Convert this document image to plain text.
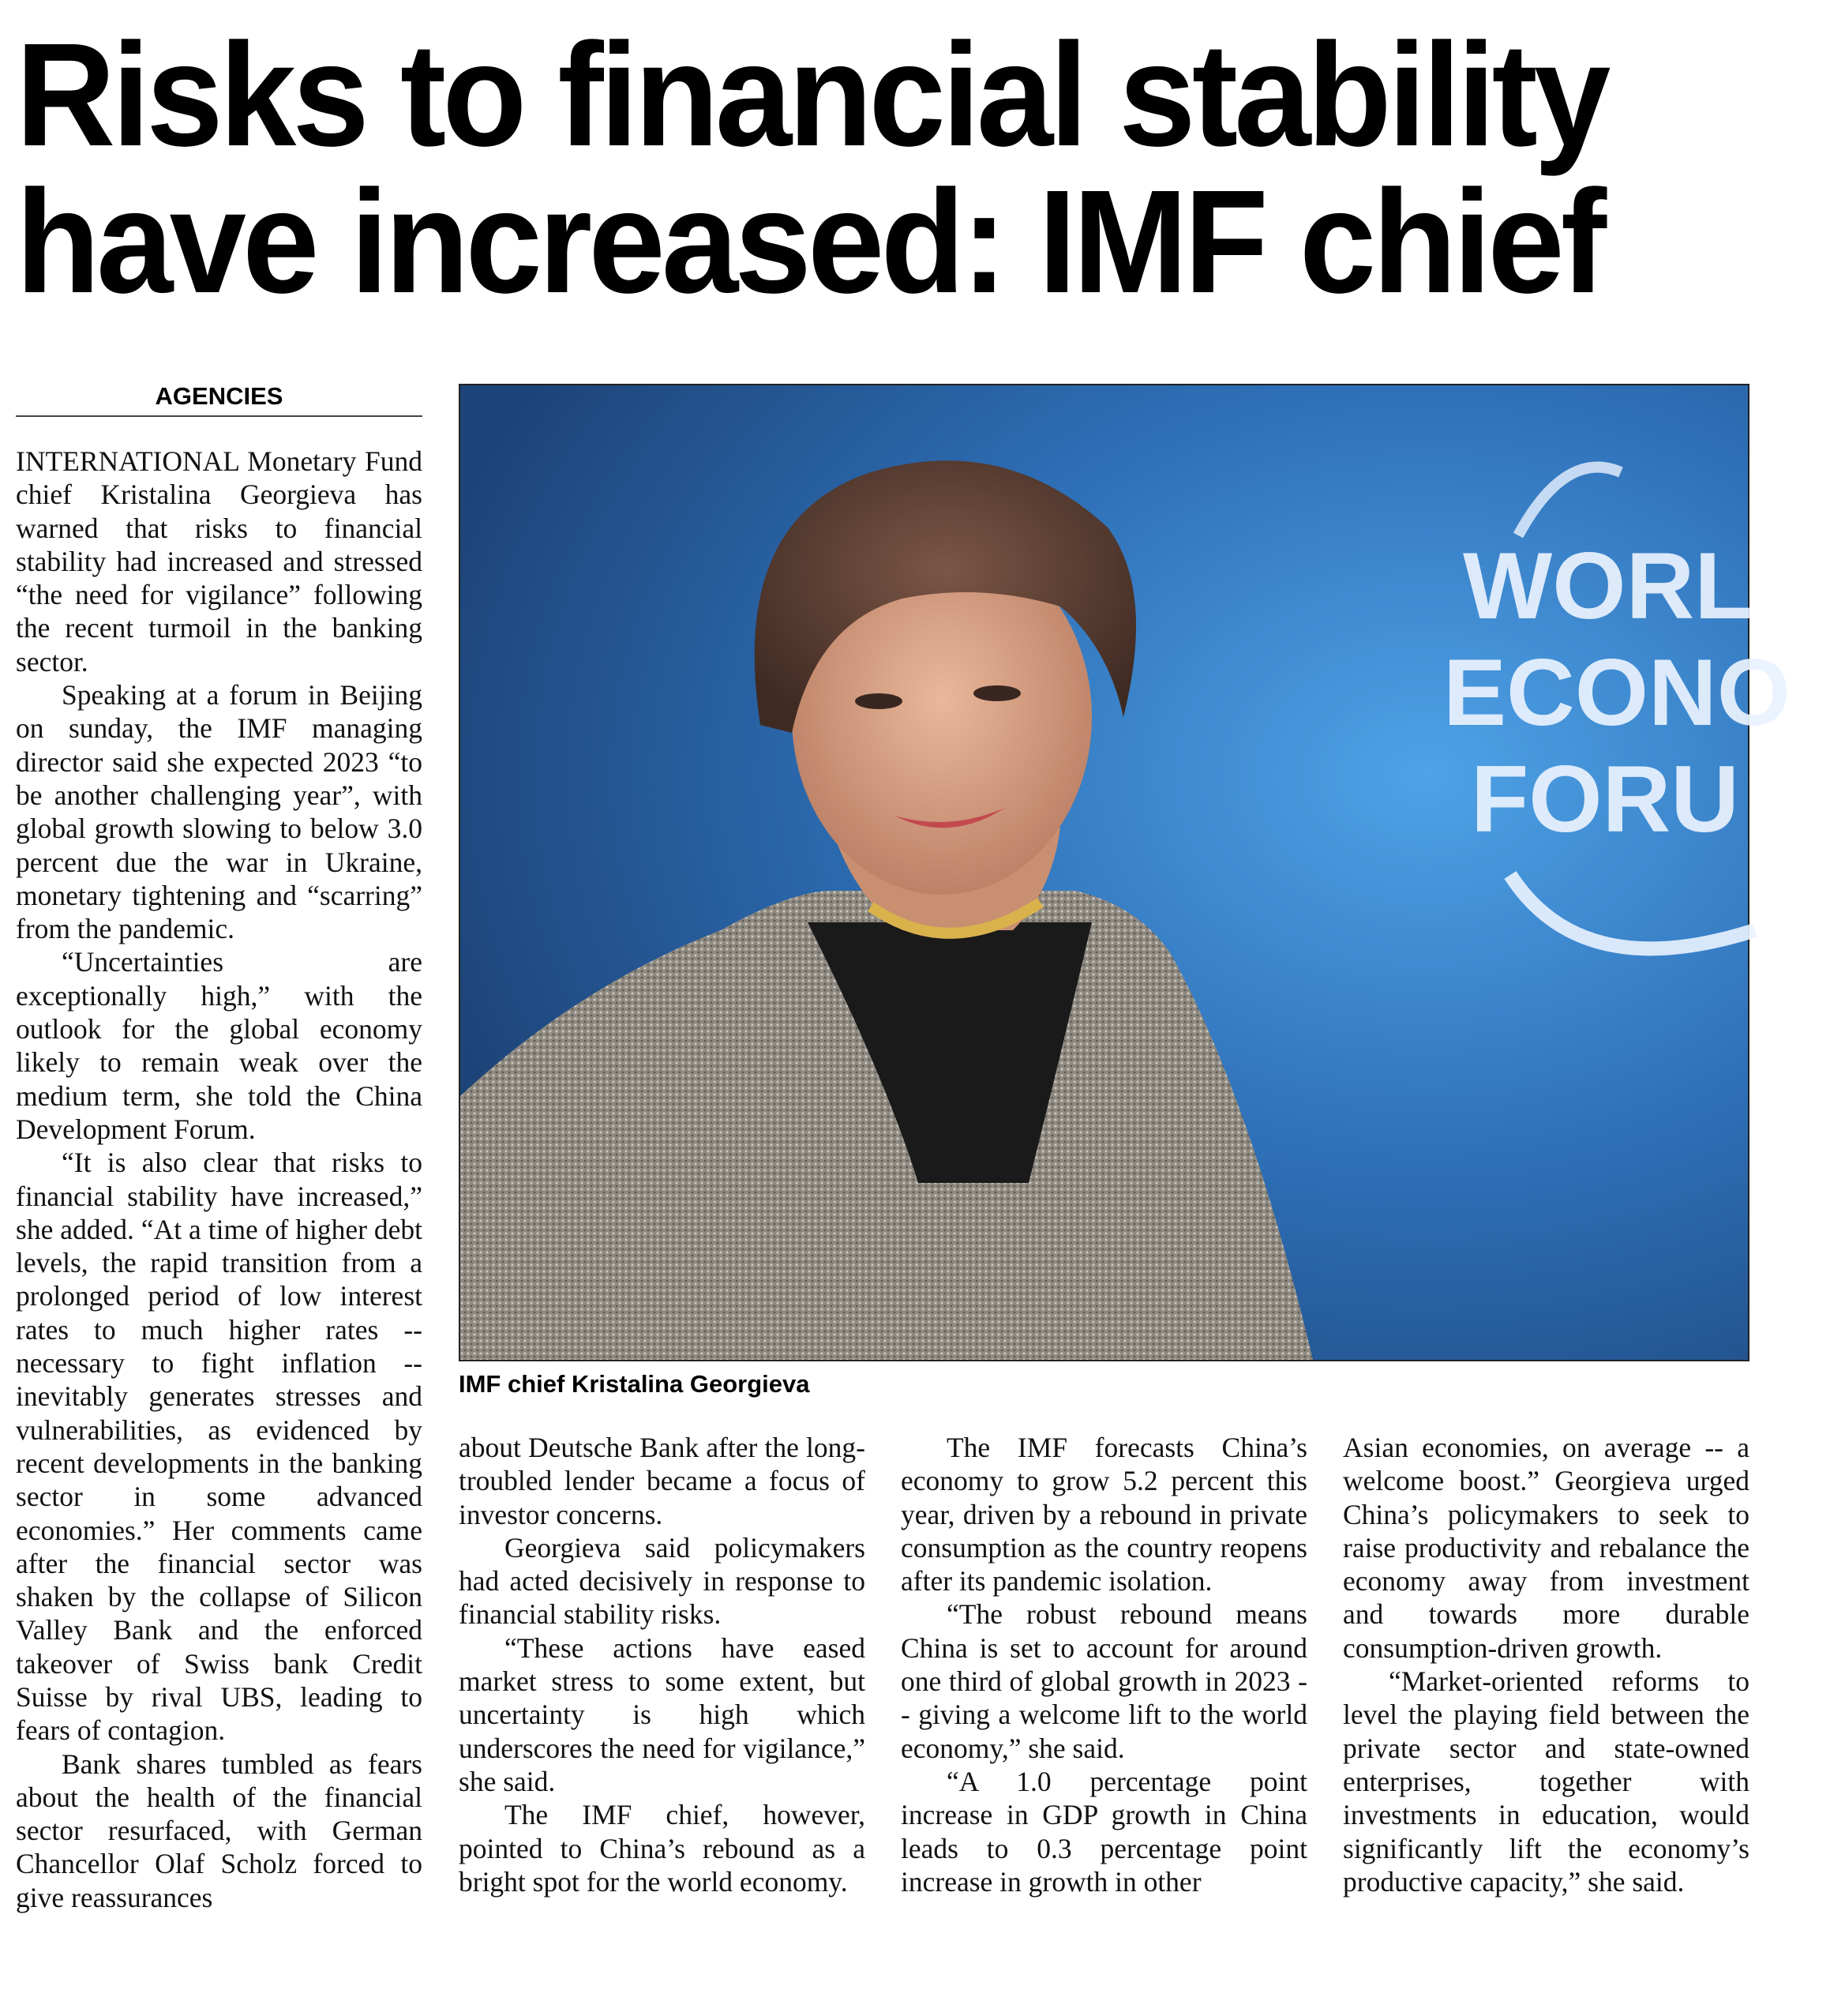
Risks to financial stability
have increased: IMF chief
AGENCIES

INTERNATIONAL Monetary Fund chief Kristalina Georgieva has warned that risks to financial stability had increased and stressed “the need for vigilance” following the recent turmoil in the banking sector.

Speaking at a forum in Beijing on sunday, the IMF managing director said she expected 2023 “to be another challenging year”, with global growth slowing to below 3.0 percent due the war in Ukraine, monetary tightening and “scarring” from the pandemic.

“Uncertainties are exceptionally high,” with the outlook for the global economy likely to remain weak over the medium term, she told the China Development Forum.

“It is also clear that risks to financial stability have increased,” she added. “At a time of higher debt levels, the rapid transition from a prolonged period of low interest rates to much higher rates -- necessary to fight inflation -- inevitably generates stresses and vulnerabilities, as evidenced by recent developments in the banking sector in some advanced economies.” Her comments came after the financial sector was shaken by the collapse of Silicon Valley Bank and the enforced takeover of Swiss bank Credit Suisse by rival UBS, leading to fears of contagion.

Bank shares tumbled as fears about the health of the financial sector resurfaced, with German Chancellor Olaf Scholz forced to give reassurances

WORL
ECONO
FORU
IMF chief Kristalina Georgieva

about Deutsche Bank after the long-troubled lender became a focus of investor concerns.

Georgieva said policymakers had acted decisively in response to financial stability risks.

“These actions have eased market stress to some extent, but uncertainty is high which underscores the need for vigilance,” she said.

The IMF chief, however, pointed to China’s rebound as a bright spot for the world economy.

The IMF forecasts China’s economy to grow 5.2 percent this year, driven by a rebound in private consumption as the country reopens after its pandemic isolation.

“The robust rebound means China is set to account for around one third of global growth in 2023 -- giving a welcome lift to the world economy,” she said.

“A 1.0 percentage point increase in GDP growth in China leads to 0.3 percentage point increase in growth in other

Asian economies, on average -- a welcome boost.” Georgieva urged China’s policymakers to seek to raise productivity and rebalance the economy away from investment and towards more durable consumption-driven growth.

“Market-oriented reforms to level the playing field between the private sector and state-owned enterprises, together with investments in education, would significantly lift the economy’s productive capacity,” she said.
